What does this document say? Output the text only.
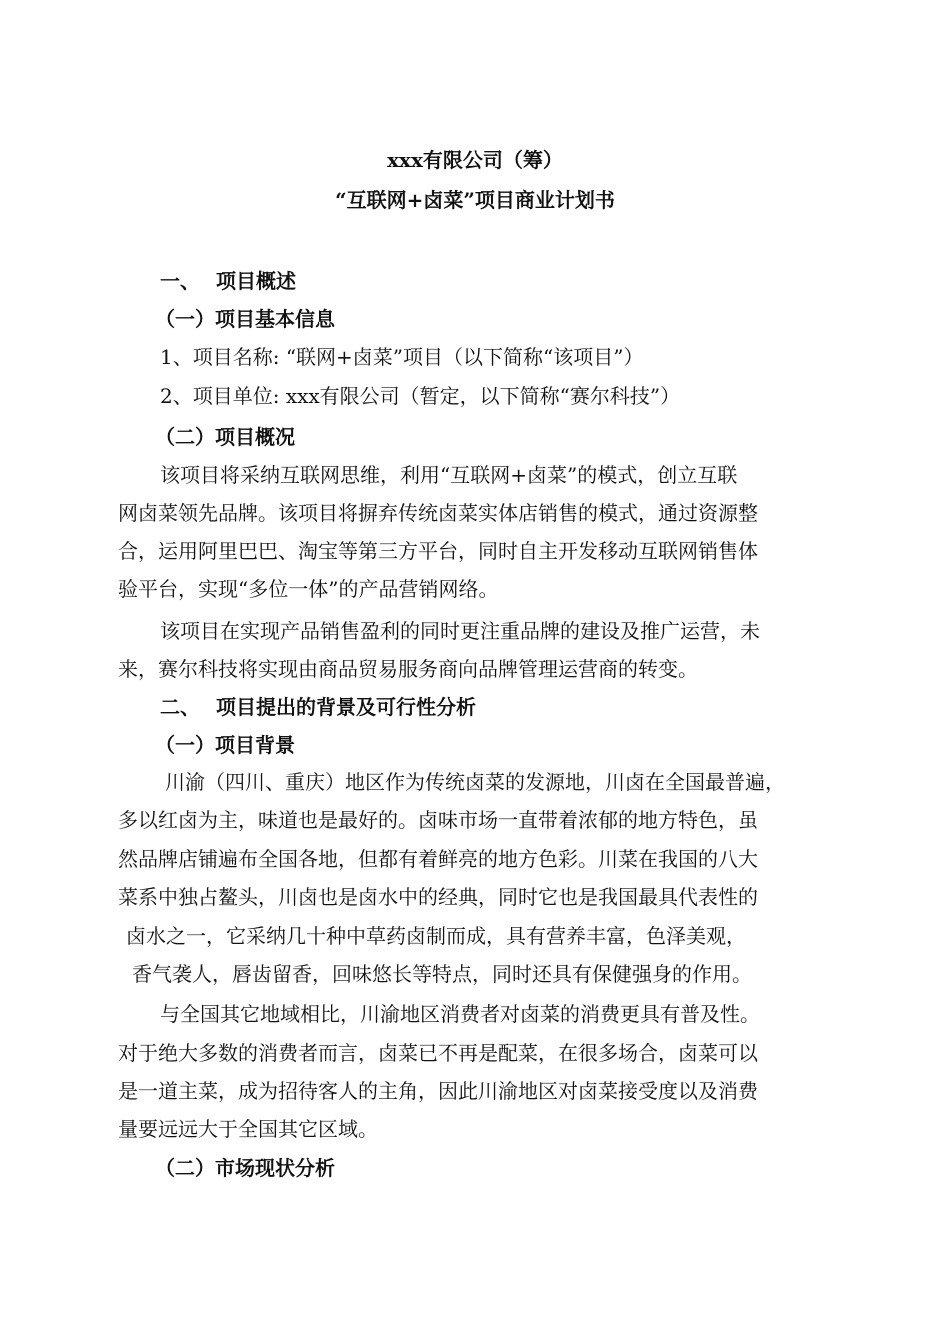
xxx有限公司（筹）
“互联网+卤菜”项目商业计划书
一、 项目概述
（一）项目基本信息
1、项目名称: “联网+卤菜”项目（以下简称“该项目”）
2、项目单位: xxx有限公司（暂定，以下简称“赛尔科技”）
（二）项目概况
该项目将采纳互联网思维，利用“互联网+卤菜”的模式，创立互联
网卤菜领先品牌。该项目将摒弃传统卤菜实体店销售的模式，通过资源整
合，运用阿里巴巴、淘宝等第三方平台，同时自主开发移动互联网销售体
验平台，实现“多位一体”的产品营销网络。
该项目在实现产品销售盈利的同时更注重品牌的建设及推广运营，未
来，赛尔科技将实现由商品贸易服务商向品牌管理运营商的转变。
二、 项目提出的背景及可行性分析
（一）项目背景
川渝（四川、重庆）地区作为传统卤菜的发源地，川卤在全国最普遍，
多以红卤为主，味道也是最好的。卤味市场一直带着浓郁的地方特色，虽
然品牌店铺遍布全国各地，但都有着鲜亮的地方色彩。川菜在我国的八大
菜系中独占鳌头，川卤也是卤水中的经典，同时它也是我国最具代表性的
卤水之一，它采纳几十种中草药卤制而成，具有营养丰富，色泽美观，
香气袭人，唇齿留香，回味悠长等特点，同时还具有保健强身的作用。
与全国其它地域相比，川渝地区消费者对卤菜的消费更具有普及性。
对于绝大多数的消费者而言，卤菜已不再是配菜，在很多场合，卤菜可以
是一道主菜，成为招待客人的主角，因此川渝地区对卤菜接受度以及消费
量要远远大于全国其它区域。
（二）市场现状分析
